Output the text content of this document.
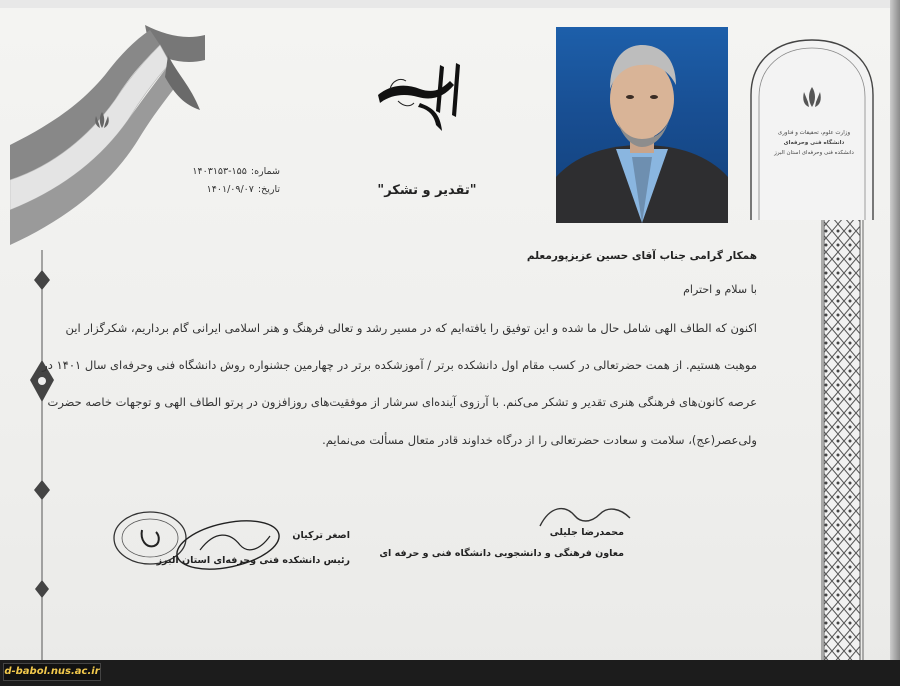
وزارت علوم، تحقیقات و فناوری
دانشگاه فنی وحرفه‌ای
دانشکده فنی وحرفه‌ای استان البرز
"تقدیر و تشکر"
شماره:۱۴۰۳۱۵۳-۱۵۵
تاریخ:۱۴۰۱/۰۹/۰۷
همکار گرامی جناب آقای حسین عزیزپورمعلم
با سلام و احترام
اکنون که الطاف الهی شامل حال ما شده و این توفیق را یافته‌ایم که در مسیر رشد و تعالی فرهنگ و هنر اسلامی ایرانی گام برداریم، شکرگزار این
موهبت هستیم. از همت حضرتعالی در کسب مقام اول دانشکده برتر / آموزشکده برتر در چهارمین جشنواره روش دانشگاه فنی وحرفه‌ای سال ۱۴۰۱ در
عرصه کانون‌های فرهنگی هنری تقدیر و تشکر می‌کنم. با آرزوی آینده‌ای سرشار از موفقیت‌های روزافزون در پرتو الطاف الهی و توجهات خاصه حضرت
ولی‌عصر(عج)، سلامت و سعادت حضرتعالی را از درگاه خداوند قادر متعال مسألت می‌نمایم.
محمدرضا جلیلی
معاون فرهنگی و دانشجویی دانشگاه فنی و حرفه ای
اصغر ترکیان
رئیس دانشکده فنی وحرفه‌ای استان البرز
d-babol.nus.ac.ir
